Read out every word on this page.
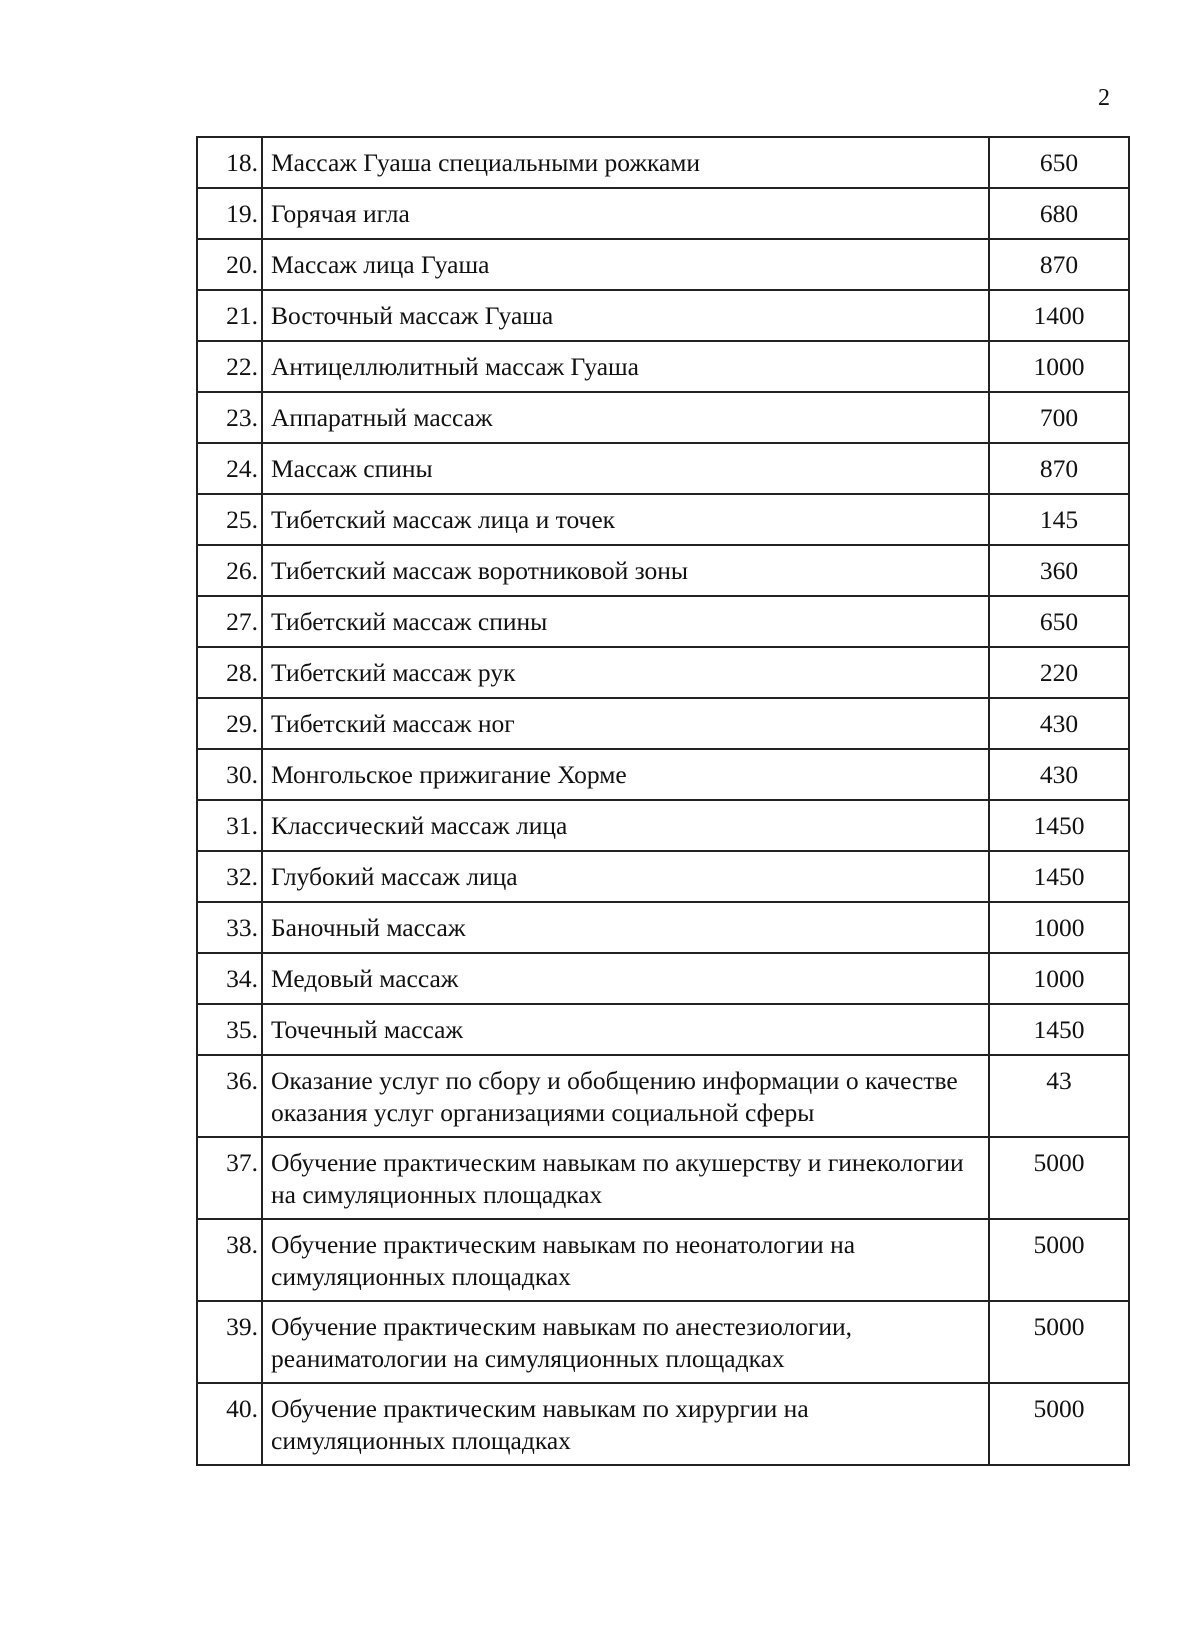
2
18.	Массаж Гуаша специальными рожками	650
19.	Горячая игла	680
20.	Массаж лица Гуаша	870
21.	Восточный массаж Гуаша	1400
22.	Антицеллюлитный массаж Гуаша	1000
23.	Аппаратный массаж	700
24.	Массаж спины	870
25.	Тибетский массаж лица и точек	145
26.	Тибетский массаж воротниковой зоны	360
27.	Тибетский массаж спины	650
28.	Тибетский массаж рук	220
29.	Тибетский массаж ног	430
30.	Монгольское прижигание Хорме	430
31.	Классический массаж лица	1450
32.	Глубокий массаж лица	1450
33.	Баночный массаж	1000
34.	Медовый массаж	1000
35.	Точечный массаж	1450
36.	Оказание услуг по сбору и обобщению информации о качестве оказания услуг организациями социальной сферы	43
37.	Обучение практическим навыкам по акушерству и гинекологии на симуляционных площадках	5000
38.	Обучение практическим навыкам по неонатологии на симуляционных площадках	5000
39.	Обучение практическим навыкам по анестезиологии, реаниматологии на симуляционных площадках	5000
40.	Обучение практическим навыкам по хирургии на симуляционных площадках	5000
